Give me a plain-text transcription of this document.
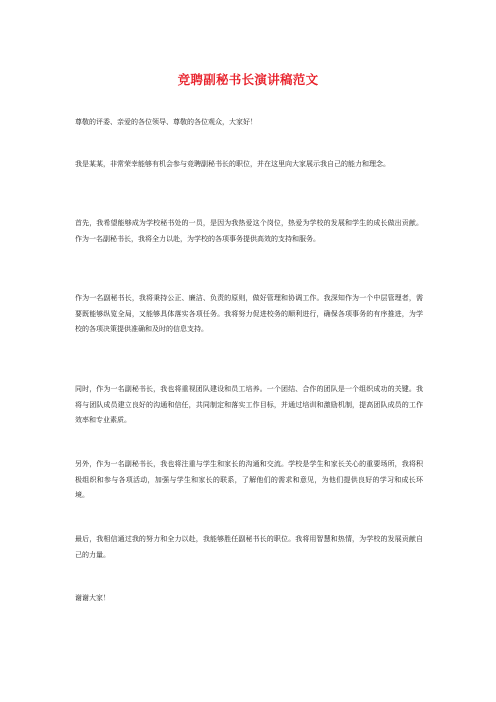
竞聘副秘书长演讲稿范文

尊敬的评委、亲爱的各位领导、尊敬的各位观众，大家好！

我是某某，非常荣幸能够有机会参与竞聘副秘书长的职位，并在这里向大家展示我自己的能力和理念。

首先，我希望能够成为学校秘书处的一员，是因为我热爱这个岗位，热爱为学校的发展和学生的成长做出贡献。作为一名副秘书长，我将全力以赴，为学校的各项事务提供高效的支持和服务。

作为一名副秘书长，我将秉持公正、廉洁、负责的原则，做好管理和协调工作。我深知作为一个中层管理者，需要既能够纵览全局，又能够具体落实各项任务。我将努力促进校务的顺利进行，确保各项事务的有序推进，为学校的各项决策提供准确和及时的信息支持。

同时，作为一名副秘书长，我也将重视团队建设和员工培养。一个团结、合作的团队是一个组织成功的关键。我将与团队成员建立良好的沟通和信任，共同制定和落实工作目标，并通过培训和激励机制，提高团队成员的工作效率和专业素质。

另外，作为一名副秘书长，我也将注重与学生和家长的沟通和交流。学校是学生和家长关心的重要场所，我将积极组织和参与各项活动，加强与学生和家长的联系，了解他们的需求和意见，为他们提供良好的学习和成长环境。

最后，我相信通过我的努力和全力以赴，我能够胜任副秘书长的职位。我将用智慧和热情，为学校的发展贡献自己的力量。

谢谢大家！
